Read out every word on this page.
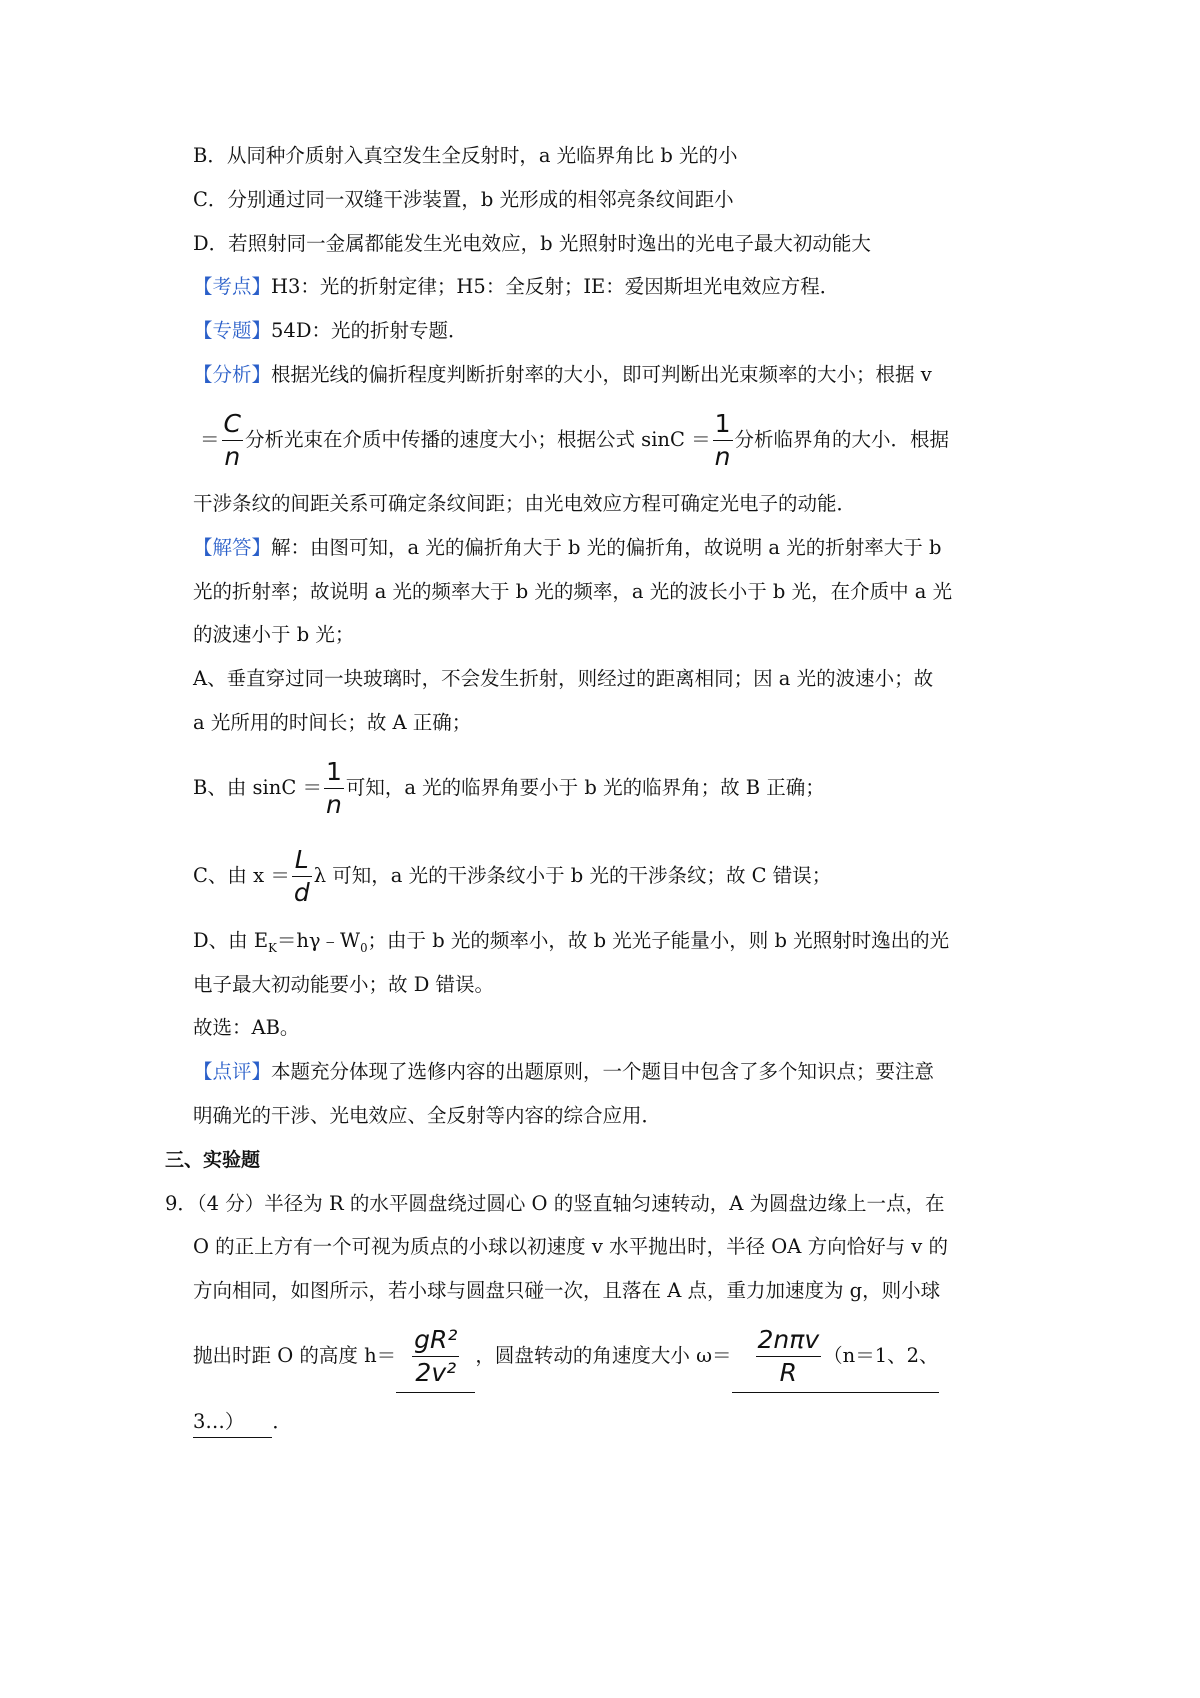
B．从同种介质射入真空发生全反射时，a 光临界角比 b 光的小
C．分别通过同一双缝干涉装置，b 光形成的相邻亮条纹间距小
D．若照射同一金属都能发生光电效应，b 光照射时逸出的光电子最大初动能大
【考点】H3：光的折射定律；H5：全反射；IE：爱因斯坦光电效应方程．
【专题】54D：光的折射专题．
【分析】根据光线的偏折程度判断折射率的大小，即可判断出光束频率的大小；根据 v
＝ $\frac{C}{n}$ 分析光束在介质中传播的速度大小；根据公式 $\sin C = \frac{1}{n}$ 分析临界角的大小．根据
干涉条纹的间距关系可确定条纹间距；由光电效应方程可确定光电子的动能．
【解答】解：由图可知，a 光的偏折角大于 b 光的偏折角，故说明 a 光的折射率大于 b
光的折射率；故说明 a 光的频率大于 b 光的频率，a 光的波长小于 b 光，在介质中 a 光
的波速小于 b 光；
A、垂直穿过同一块玻璃时，不会发生折射，则经过的距离相同；因 a 光的波速小；故
a 光所用的时间长；故 A 正确；
B、由 $\sin C = \frac{1}{n}$ 可知，a 光的临界角要小于 b 光的临界角；故 B 正确；
C、由 $x = \frac{L}{d}$ λ 可知，a 光的干涉条纹小于 b 光的干涉条纹；故 C 错误；
D、由 $E_K=h\gamma﹣W_0$；由于 b 光的频率小，故 b 光光子能量小，则 b 光照射时逸出的光
电子最大初动能要小；故 D 错误。
故选：AB。
【点评】本题充分体现了选修内容的出题原则，一个题目中包含了多个知识点；要注意
明确光的干涉、光电效应、全反射等内容的综合应用．
三、实验题
9．（4 分）半径为 R 的水平圆盘绕过圆心 O 的竖直轴匀速转动，A 为圆盘边缘上一点，在
O 的正上方有一个可视为质点的小球以初速度 v 水平抛出时，半径 OA 方向恰好与 v 的
方向相同，如图所示，若小球与圆盘只碰一次，且落在 A 点，重力加速度为 g，则小球
抛出时距 O 的高度 $h= \frac{\text{gR²}}{\text{2v²}}$ ，圆盘转动的角速度大小 $\omega= \frac{\text{2nπv}}{R} (n=1$、2、
3…） ．
